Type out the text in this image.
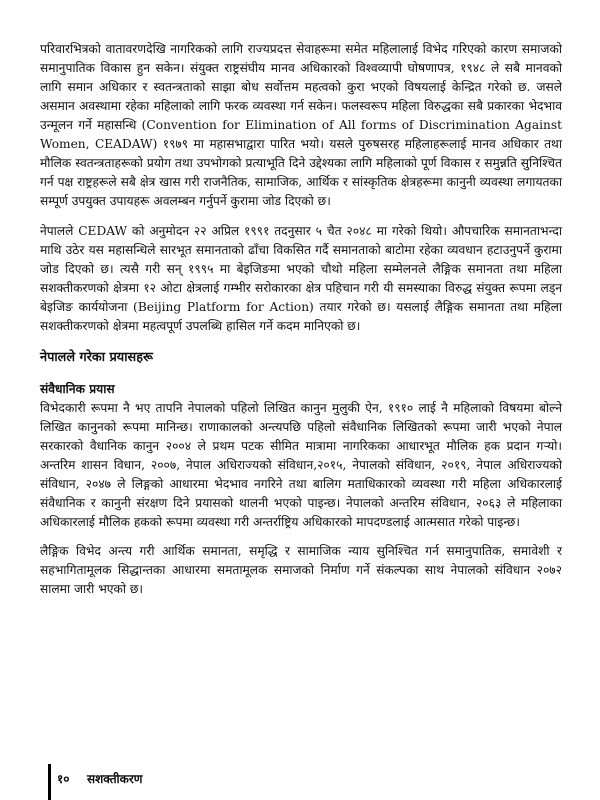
परिवारभित्रको वातावरणदेखि नागरिकको लागि राज्यप्रदत्त सेवाहरूमा समेत महिलालाई विभेद गरिएको कारण समाजको समानुपातिक विकास हुन सकेन। संयुक्त राष्ट्रसंघीय मानव अधिकारको विश्वव्यापी घोषणापत्र, १९४८ ले सबै मानवको लागि समान अधिकार र स्वतन्त्रताको साझा बोध सर्वोत्तम महत्वको कुरा भएको विषयलाई केन्द्रित गरेको छ. जसले असमान अवस्थामा रहेका महिलाको लागि फरक व्यवस्था गर्न सकेन। फलस्वरूप महिला विरुद्धका सबै प्रकारका भेदभाव उन्मूलन गर्ने महासन्धि (Convention for Elimination of All forms of Discrimination Against Women, CEADAW) १९७९ मा महासभाद्वारा पारित भयो। यसले पुरुषसरह महिलाहरूलाई मानव अधिकार तथा मौलिक स्वतन्त्रताहरूको प्रयोग तथा उपभोगको प्रत्याभूति दिने उद्देश्यका लागि महिलाको पूर्ण विकास र समुन्नति सुनिश्चित गर्न पक्ष राष्ट्रहरूले सबै क्षेत्र खास गरी राजनैतिक, सामाजिक, आर्थिक र सांस्कृतिक क्षेत्रहरूमा कानुनी व्यवस्था लगायतका सम्पूर्ण उपयुक्त उपायहरू अवलम्बन गर्नुपर्ने कुरामा जोड दिएको छ।

नेपालले CEDAW को अनुमोदन २२ अप्रिल १९९१ तदनुसार ५ चैत २०४८ मा गरेको थियो। औपचारिक समानताभन्दा माथि उठेर यस महासन्धिले सारभूत समानताको ढाँचा विकसित गर्दै समानताको बाटोमा रहेका व्यवधान हटाउनुपर्ने कुरामा जोड दिएको छ। त्यसै गरी सन् १९९५ मा बेइजिङमा भएको चौथो महिला सम्मेलनले लैङ्गिक समानता तथा महिला सशक्तीकरणको क्षेत्रमा १२ ओटा क्षेत्रलाई गम्भीर सरोकारका क्षेत्र पहिचान गरी यी समस्याका विरुद्ध संयुक्त रूपमा लड्न बेइजिङ कार्ययोजना (Beijing Platform for Action) तयार गरेको छ। यसलाई लैङ्गिक समानता तथा महिला सशक्तीकरणको क्षेत्रमा महत्वपूर्ण उपलब्धि हासिल गर्ने कदम मानिएको छ।

नेपालले गरेका प्रयासहरू
संवैधानिक प्रयास

विभेदकारी रूपमा नै भए तापनि नेपालको पहिलो लिखित कानुन मुलुकी ऐन, १९१० लाई नै महिलाको विषयमा बोल्ने लिखित कानुनको रूपमा मानिन्छ। राणाकालको अन्त्यपछि पहिलो संवैधानिक लिखितको रूपमा जारी भएको नेपाल सरकारको वैधानिक कानुन २००४ ले प्रथम पटक सीमित मात्रामा नागरिकका आधारभूत मौलिक हक प्रदान गर्‍यो। अन्तरिम शासन विधान, २००७, नेपाल अधिराज्यको संविधान,२०१५, नेपालको संविधान, २०१९, नेपाल अधिराज्यको संविधान, २०४७ ले लिङ्गको आधारमा भेदभाव नगरिने तथा बालिग मताधिकारको व्यवस्था गरी महिला अधिकारलाई संवैधानिक र कानुनी संरक्षण दिने प्रयासको थालनी भएको पाइन्छ। नेपालको अन्तरिम संविधान, २०६३ ले महिलाका अधिकारलाई मौलिक हकको रूपमा व्यवस्था गरी अन्तर्राष्ट्रिय अधिकारको मापदण्डलाई आत्मसात गरेको पाइन्छ।

लैङ्गिक विभेद अन्त्य गरी आर्थिक समानता, समृद्धि र सामाजिक न्याय सुनिश्चित गर्न समानुपातिक, समावेशी र सहभागितामूलक सिद्धान्तका आधारमा समतामूलक समाजको निर्माण गर्ने संकल्पका साथ नेपालको संविधान २०७२ सालमा जारी भएको छ।

१० सशक्तीकरण
